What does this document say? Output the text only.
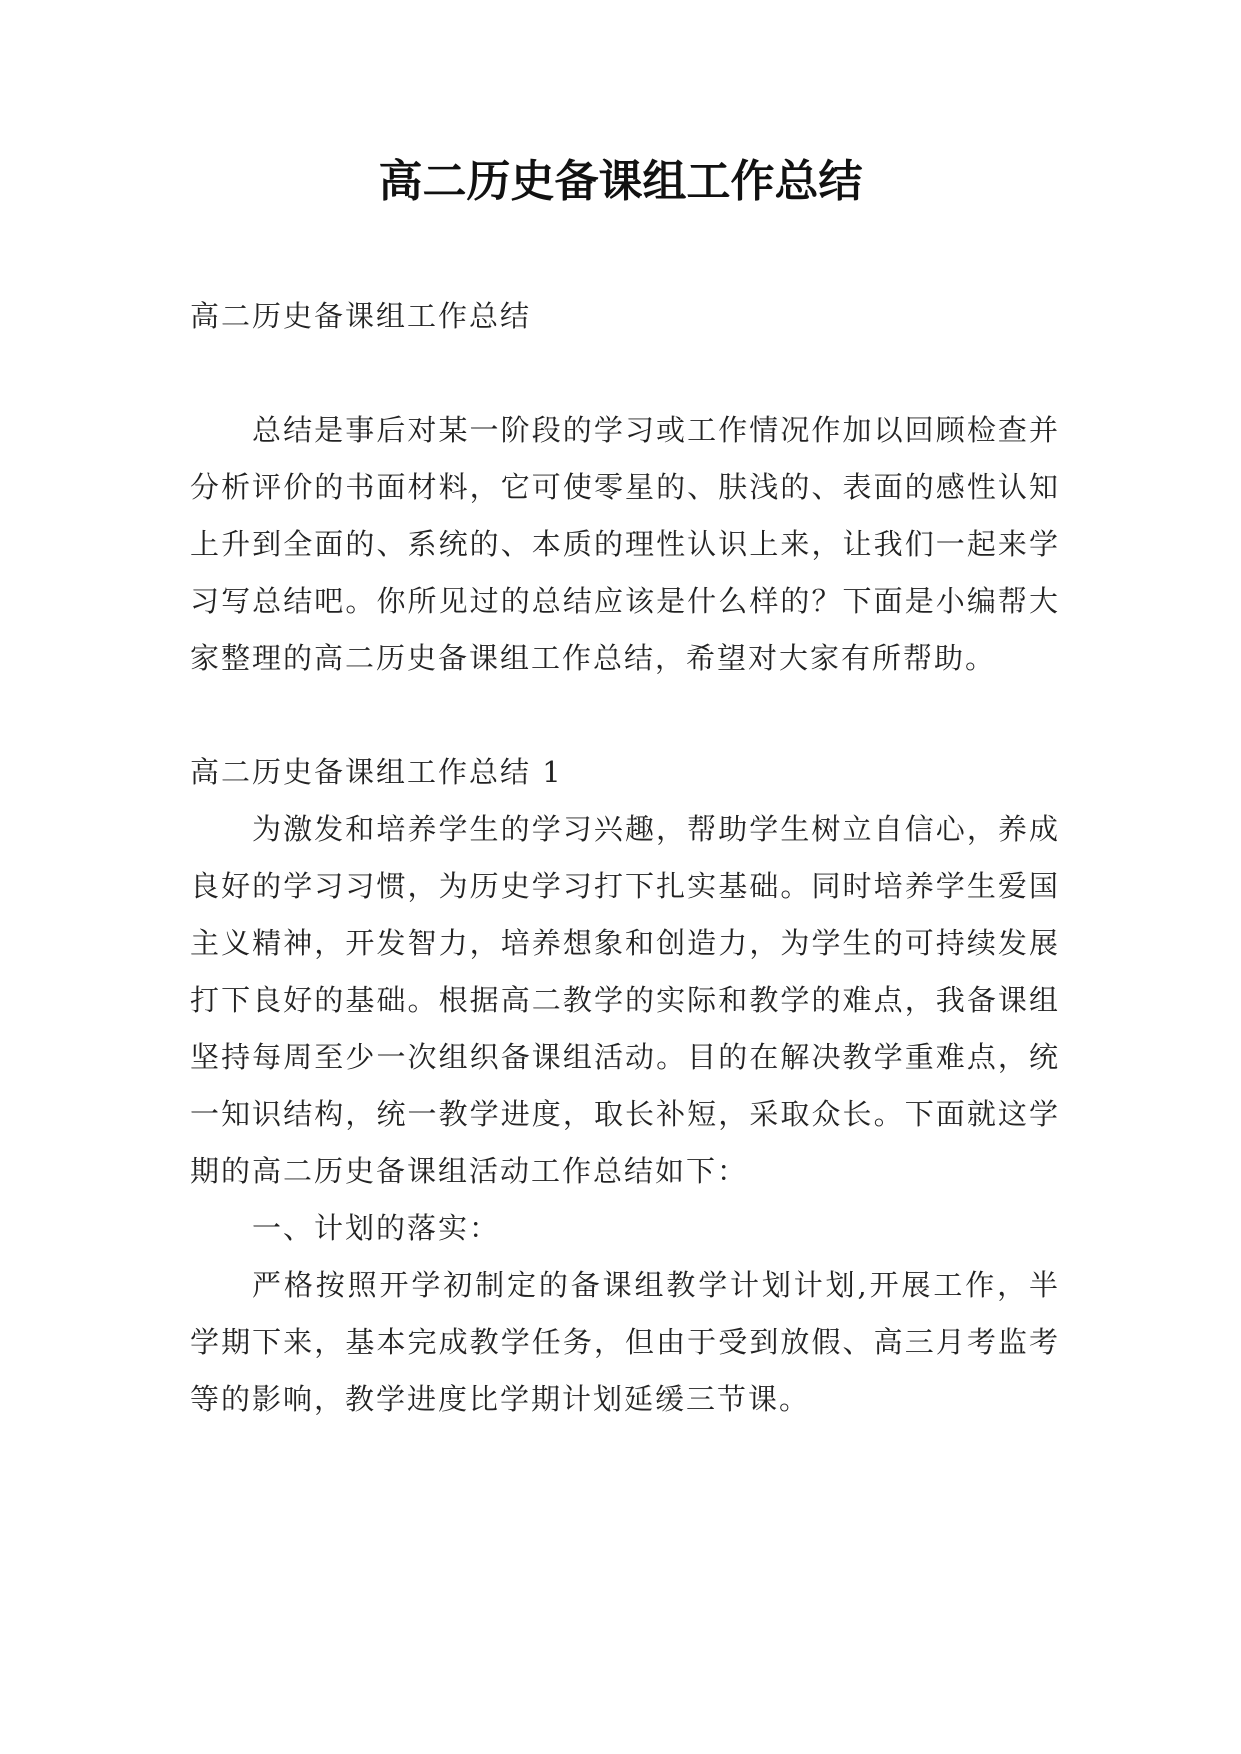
高二历史备课组工作总结

高二历史备课组工作总结

总结是事后对某一阶段的学习或工作情况作加以回顾检查并分析评价的书面材料，它可使零星的、肤浅的、表面的感性认知上升到全面的、系统的、本质的理性认识上来，让我们一起来学习写总结吧。你所见过的总结应该是什么样的？下面是小编帮大家整理的高二历史备课组工作总结，希望对大家有所帮助。

高二历史备课组工作总结 1

为激发和培养学生的学习兴趣，帮助学生树立自信心，养成良好的学习习惯，为历史学习打下扎实基础。同时培养学生爱国主义精神，开发智力，培养想象和创造力，为学生的可持续发展打下良好的基础。根据高二教学的实际和教学的难点，我备课组坚持每周至少一次组织备课组活动。目的在解决教学重难点，统一知识结构，统一教学进度，取长补短，采取众长。下面就这学期的高二历史备课组活动工作总结如下：

一、计划的落实：

严格按照开学初制定的备课组教学计划计划,开展工作，半学期下来，基本完成教学任务，但由于受到放假、高三月考监考等的影响，教学进度比学期计划延缓三节课。
